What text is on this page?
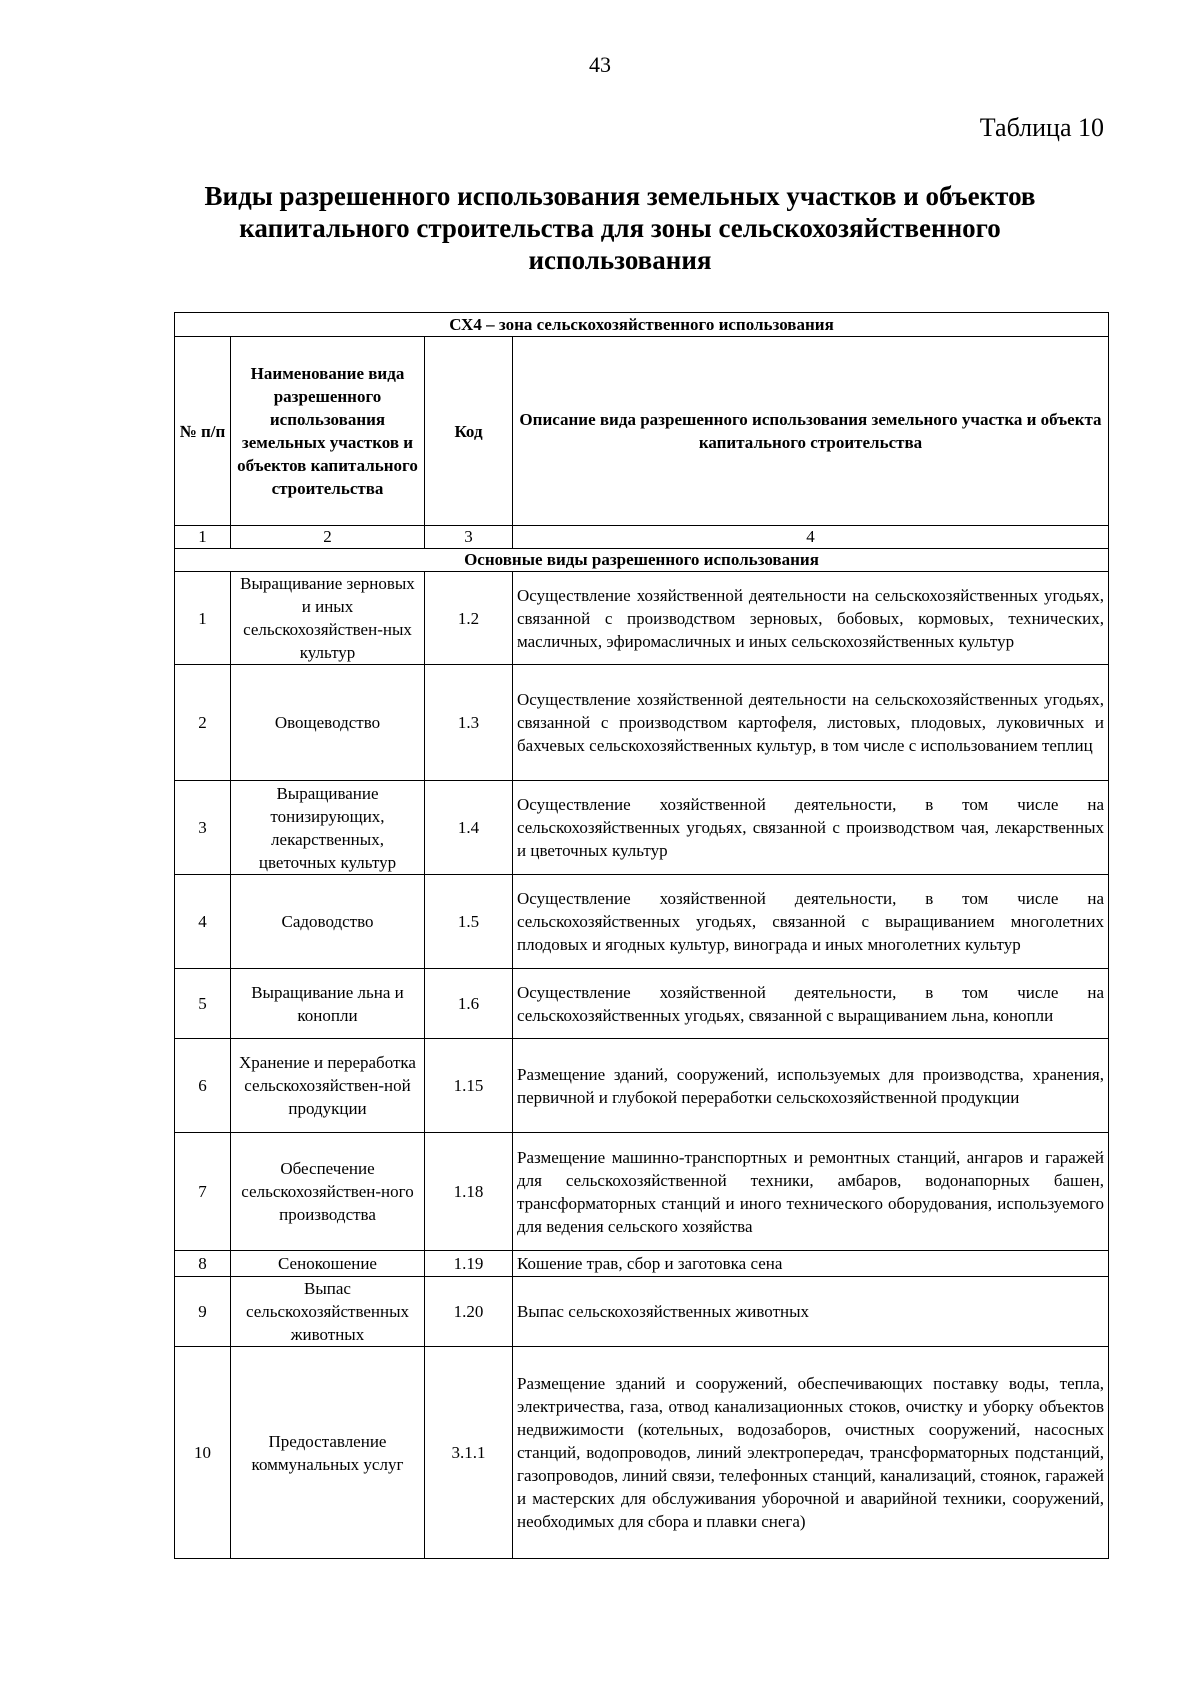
43
Таблица 10
Виды разрешенного использования земельных участков и объектов капитального строительства для зоны сельскохозяйственного использования
СХ4 – зона сельскохозяйственного использования			
№ п/п	Наименование вида разрешенного использования земельных участков и объектов капитального строительства	Код	Описание вида разрешенного использования земельного участка и объекта капитального строительства
1	2	3	4
Основные виды разрешенного использования			
1	Выращивание зерновых и иных сельскохозяйствен-ных культур	1.2	Осуществление хозяйственной деятельности на сельскохозяйственных угодьях, связанной с производством зерновых, бобовых, кормовых, технических, масличных, эфиромасличных и иных сельскохозяйственных культур
2	Овощеводство	1.3	Осуществление хозяйственной деятельности на сельскохозяйственных угодьях, связанной с производством картофеля, листовых, плодовых, луковичных и бахчевых сельскохозяйственных культур, в том числе с использованием теплиц
3	Выращивание тонизирующих, лекарственных, цветочных культур	1.4	Осуществление хозяйственной деятельности, в том числе на сельскохозяйственных угодьях, связанной с производством чая, лекарственных и цветочных культур
4	Садоводство	1.5	Осуществление хозяйственной деятельности, в том числе на сельскохозяйственных угодьях, связанной с выращиванием многолетних плодовых и ягодных культур, винограда и иных многолетних культур
5	Выращивание льна и конопли	1.6	Осуществление хозяйственной деятельности, в том числе на сельскохозяйственных угодьях, связанной с выращиванием льна, конопли
6	Хранение и переработка сельскохозяйствен-ной продукции	1.15	Размещение зданий, сооружений, используемых для производства, хранения, первичной и глубокой переработки сельскохозяйственной продукции
7	Обеспечение сельскохозяйствен-ного производства	1.18	Размещение машинно-транспортных и ремонтных станций, ангаров и гаражей для сельскохозяйственной техники, амбаров, водонапорных башен, трансформаторных станций и иного технического оборудования, используемого для ведения сельского хозяйства
8	Сенокошение	1.19	Кошение трав, сбор и заготовка сена
9	Выпас сельскохозяйственных животных	1.20	Выпас сельскохозяйственных животных
10	Предоставление коммунальных услуг	3.1.1	Размещение зданий и сооружений, обеспечивающих поставку воды, тепла, электричества, газа, отвод канализационных стоков, очистку и уборку объектов недвижимости (котельных, водозаборов, очистных сооружений, насосных станций, водопроводов, линий электропередач, трансформаторных подстанций, газопроводов, линий связи, телефонных станций, канализаций, стоянок, гаражей и мастерских для обслуживания уборочной и аварийной техники, сооружений, необходимых для сбора и плавки снега)
